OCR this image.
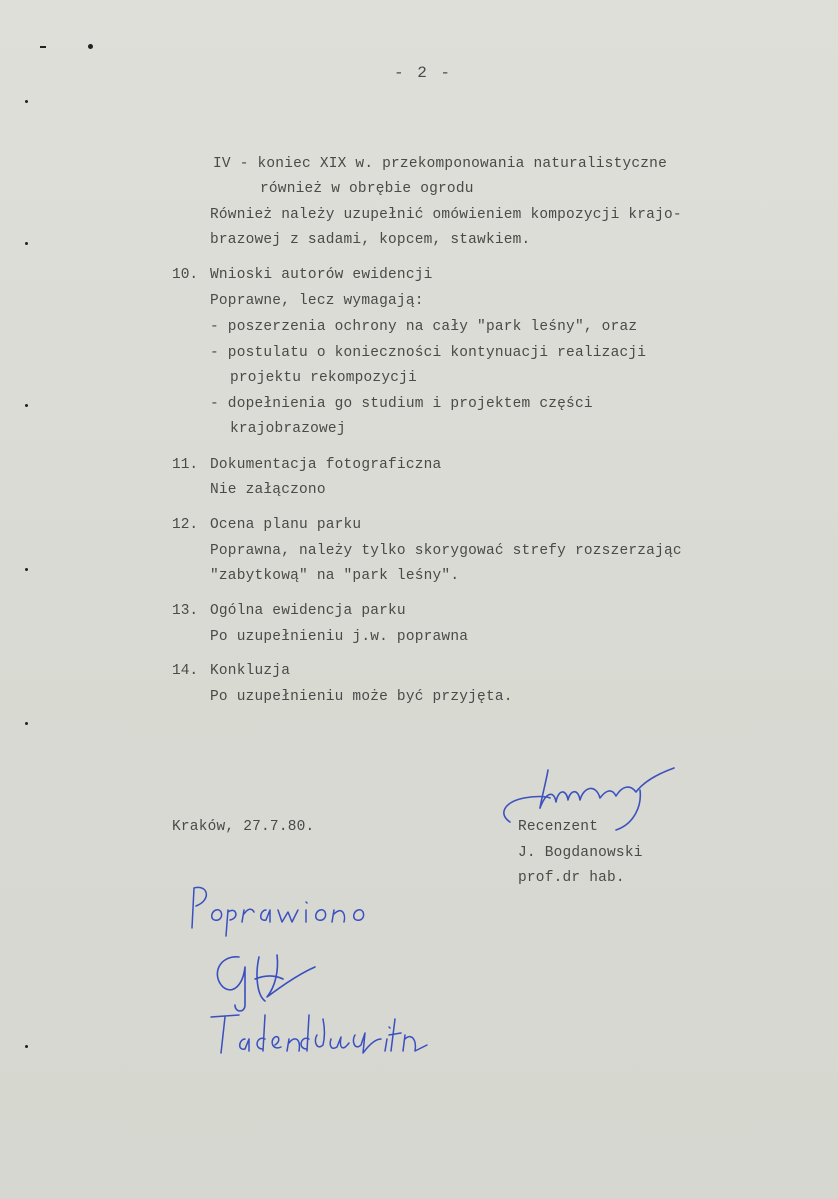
- 2 -
IV - koniec XIX w. przekomponowania naturalistyczne
również w obrębie ogrodu
Również należy uzupełnić omówieniem kompozycji krajo-
brazowej z sadami, kopcem, stawkiem.
10. Wnioski autorów ewidencji
Poprawne, lecz wymagają:
- poszerzenia ochrony na cały "park leśny", oraz
- postulatu o konieczności kontynuacji realizacji
projektu rekompozycji
- dopełnienia go studium i projektem części
krajobrazowej
11. Dokumentacja fotograficzna
Nie załączono
12. Ocena planu parku
Poprawna, należy tylko skorygować strefy rozszerzając
"zabytkową" na "park leśny".
13. Ogólna ewidencja parku
Po uzupełnieniu j.w. poprawna
14. Konkluzja
Po uzupełnieniu może być przyjęta.
Kraków, 27.7.80.	Recenzent
J. Bogdanowski
prof.dr hab.
